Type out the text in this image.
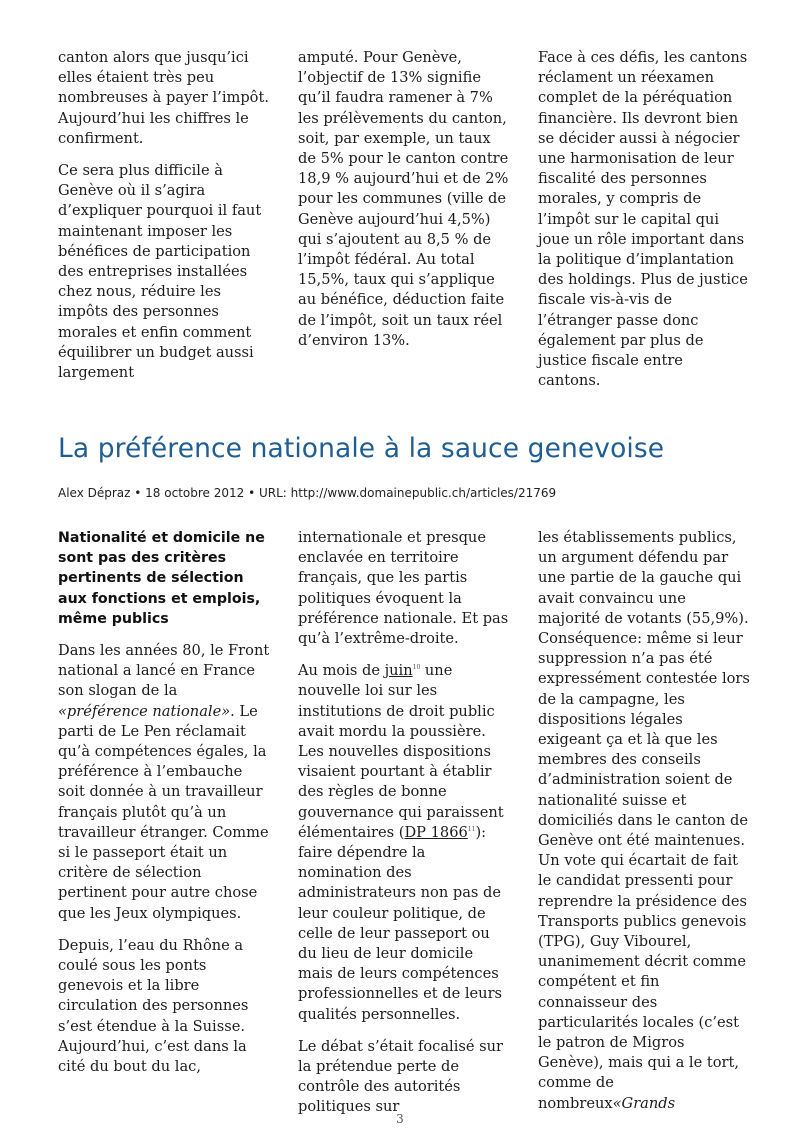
canton alors que jusqu’ici elles étaient très peu nombreuses à payer l’impôt. Aujourd’hui les chiffres le confirment.

Ce sera plus difficile à Genève où il s’agira d’expliquer pourquoi il faut maintenant imposer les bénéfices de participation des entreprises installées chez nous, réduire les impôts des personnes morales et enfin comment équilibrer un budget aussi largement

amputé. Pour Genève, l’objectif de 13% signifie qu’il faudra ramener à 7% les prélèvements du canton, soit, par exemple, un taux de 5% pour le canton contre 18,9 % aujourd’hui et de 2% pour les communes (ville de Genève aujourd’hui 4,5%) qui s’ajoutent au 8,5 % de l’impôt fédéral. Au total 15,5%, taux qui s’applique au bénéfice, déduction faite de l’impôt, soit un taux réel d’environ 13%.

Face à ces défis, les cantons réclament un réexamen complet de la péréquation financière. Ils devront bien se décider aussi à négocier une harmonisation de leur fiscalité des personnes morales, y compris de l’impôt sur le capital qui joue un rôle important dans la politique d’implantation des holdings. Plus de justice fiscale vis-à-vis de l’étranger passe donc également par plus de justice fiscale entre cantons.

La préférence nationale à la sauce genevoise
Alex Dépraz • 18 octobre 2012 • URL: http://www.domainepublic.ch/articles/21769

Nationalité et domicile ne sont pas des critères pertinents de sélection aux fonctions et emplois, même publics

Dans les années 80, le Front national a lancé en France son slogan de la «préférence nationale». Le parti de Le Pen réclamait qu’à compétences égales, la préférence à l’embauche soit donnée à un travailleur français plutôt qu’à un travailleur étranger. Comme si le passeport était un critère de sélection pertinent pour autre chose que les Jeux olympiques.

Depuis, l’eau du Rhône a coulé sous les ponts genevois et la libre circulation des personnes s’est étendue à la Suisse. Aujourd’hui, c’est dans la cité du bout du lac,

internationale et presque enclavée en territoire français, que les partis politiques évoquent la préférence nationale. Et pas qu’à l’extrême-droite.

Au mois de juin$^{10}$ une nouvelle loi sur les institutions de droit public avait mordu la poussière. Les nouvelles dispositions visaient pourtant à établir des règles de bonne gouvernance qui paraissent élémentaires (DP 1866$^{11}$): faire dépendre la nomination des administrateurs non pas de leur couleur politique, de celle de leur passeport ou du lieu de leur domicile mais de leurs compétences professionnelles et de leurs qualités personnelles.

Le débat s’était focalisé sur la prétendue perte de contrôle des autorités politiques sur

les établissements publics, un argument défendu par une partie de la gauche qui avait convaincu une majorité de votants (55,9%). Conséquence: même si leur suppression n’a pas été expressément contestée lors de la campagne, les dispositions légales exigeant ça et là que les membres des conseils d’administration soient de nationalité suisse et domiciliés dans le canton de Genève ont été maintenues. Un vote qui écartait de fait le candidat pressenti pour reprendre la présidence des Transports publics genevois (TPG), Guy Vibourel, unanimement décrit comme compétent et fin connaisseur des particularités locales (c’est le patron de Migros Genève), mais qui a le tort, comme de nombreux«Grands

3
